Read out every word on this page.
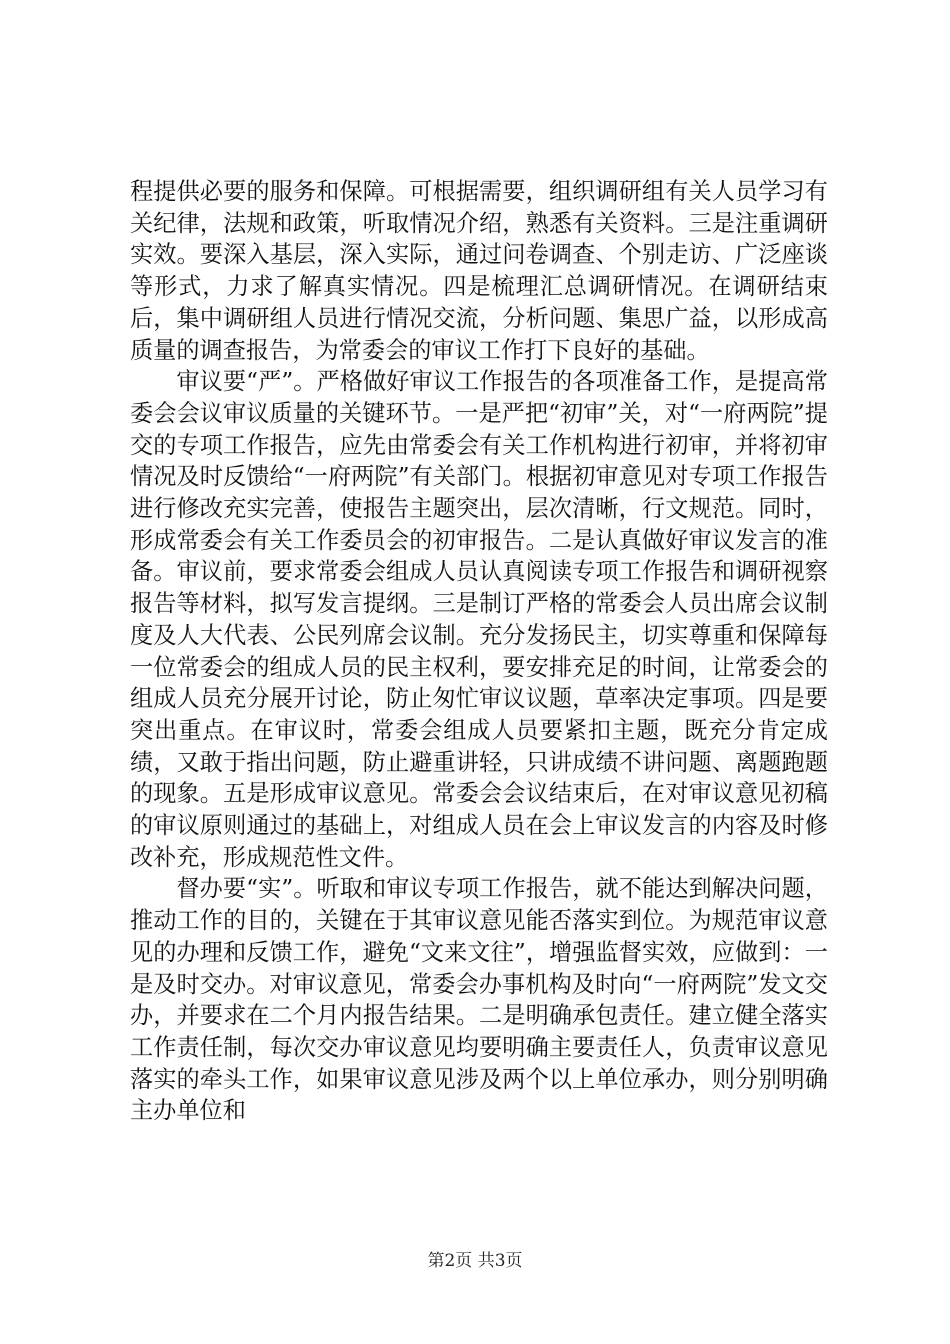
程提供必要的服务和保障。可根据需要，组织调研组有关人员学习有关纪律，法规和政策，听取情况介绍，熟悉有关资料。三是注重调研实效。要深入基层，深入实际，通过问卷调查、个别走访、广泛座谈等形式，力求了解真实情况。四是梳理汇总调研情况。在调研结束后，集中调研组人员进行情况交流，分析问题、集思广益，以形成高质量的调查报告，为常委会的审议工作打下良好的基础。

审议要“严”。严格做好审议工作报告的各项准备工作，是提高常委会会议审议质量的关键环节。一是严把“初审”关，对“一府两院”提交的专项工作报告，应先由常委会有关工作机构进行初审，并将初审情况及时反馈给“一府两院”有关部门。根据初审意见对专项工作报告进行修改充实完善，使报告主题突出，层次清晰，行文规范。同时，形成常委会有关工作委员会的初审报告。二是认真做好审议发言的准备。审议前，要求常委会组成人员认真阅读专项工作报告和调研视察报告等材料，拟写发言提纲。三是制订严格的常委会人员出席会议制度及人大代表、公民列席会议制。充分发扬民主，切实尊重和保障每一位常委会的组成人员的民主权利，要安排充足的时间，让常委会的组成人员充分展开讨论，防止匆忙审议议题，草率决定事项。四是要突出重点。在审议时，常委会组成人员要紧扣主题，既充分肯定成绩，又敢于指出问题，防止避重讲轻，只讲成绩不讲问题、离题跑题的现象。五是形成审议意见。常委会会议结束后，在对审议意见初稿的审议原则通过的基础上，对组成人员在会上审议发言的内容及时修改补充，形成规范性文件。

督办要“实”。听取和审议专项工作报告，就不能达到解决问题，推动工作的目的，关键在于其审议意见能否落实到位。为规范审议意见的办理和反馈工作，避免“文来文往”，增强监督实效，应做到：一是及时交办。对审议意见，常委会办事机构及时向“一府两院”发文交办，并要求在二个月内报告结果。二是明确承包责任。建立健全落实工作责任制，每次交办审议意见均要明确主要责任人，负责审议意见落实的牵头工作，如果审议意见涉及两个以上单位承办，则分别明确主办单位和

第2页 共3页
